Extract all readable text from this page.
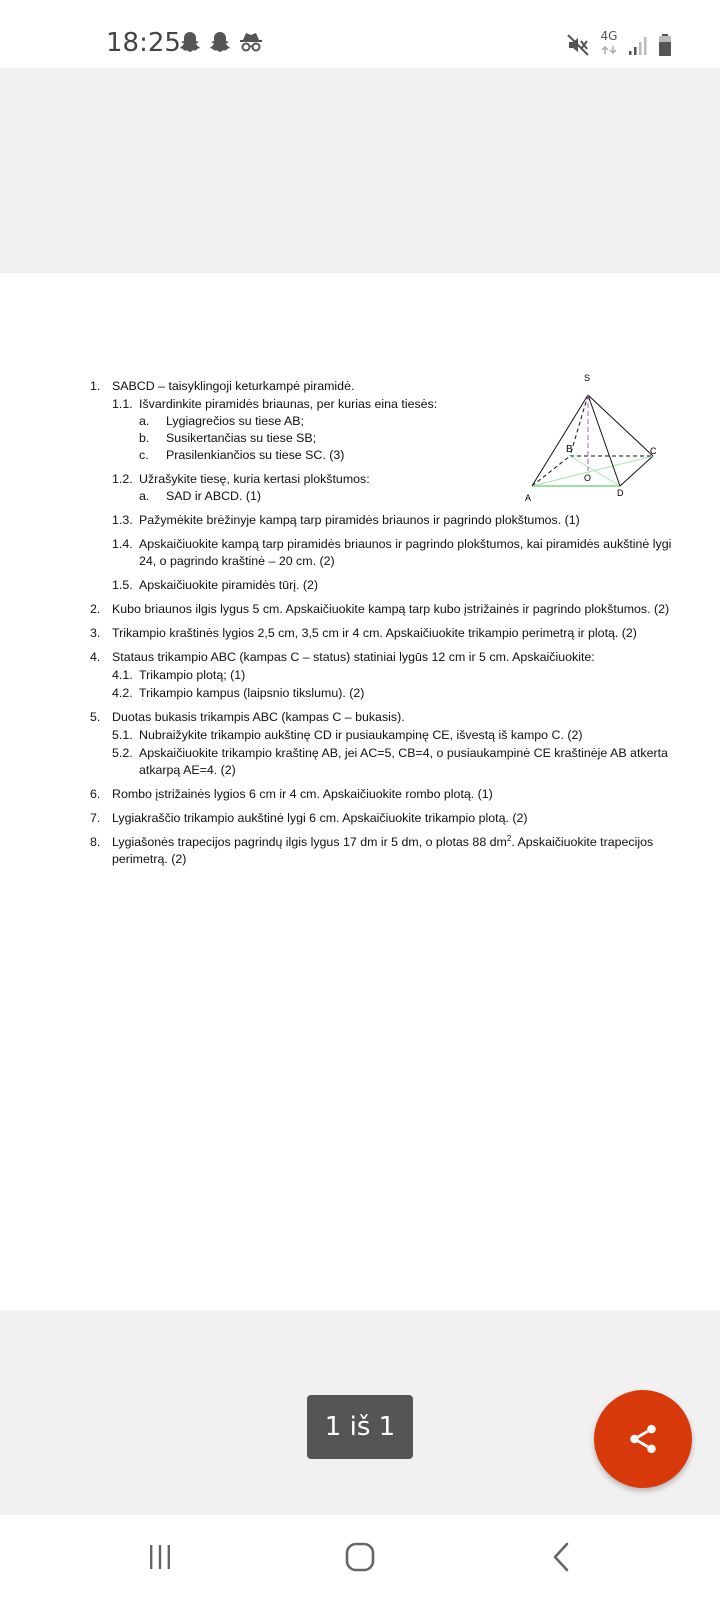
18:25	4G
1. SABCD – taisyklingoji keturkampė piramidė.
1.1. Išvardinkite piramidės briaunas, per kurias eina tiesės:
a. Lygiagrečios su tiese AB;
b. Susikertančias su tiese SB;
c. Prasilenkiančios su tiese SC. (3)
1.2. Užrašykite tiesę, kuria kertasi plokštumos:
a. SAD ir ABCD. (1)
1.3. Pažymėkite brėžinyje kampą tarp piramidės briaunos ir pagrindo plokštumos. (1)
1.4. Apskaičiuokite kampą tarp piramidės briaunos ir pagrindo plokštumos, kai piramidės aukštinė lygi 24, o pagrindo kraštinė – 20 cm. (2)
1.5. Apskaičiuokite piramidės tūrį. (2)
2. Kubo briaunos ilgis lygus 5 cm. Apskaičiuokite kampą tarp kubo įstrižainės ir pagrindo plokštumos. (2)
3. Trikampio kraštinės lygios 2,5 cm, 3,5 cm ir 4 cm. Apskaičiuokite trikampio perimetrą ir plotą. (2)
4. Stataus trikampio ABC (kampas C – status) statiniai lygūs 12 cm ir 5 cm. Apskaičiuokite:
4.1. Trikampio plotą; (1)
4.2. Trikampio kampus (laipsnio tikslumu). (2)
5. Duotas bukasis trikampis ABC (kampas C – bukasis).
5.1. Nubraižykite trikampio aukštinę CD ir pusiaukampinę CE, išvestą iš kampo C. (2)
5.2. Apskaičiuokite trikampio kraštinę AB, jei AC=5, CB=4, o pusiaukampinė CE kraštinėje AB atkerta atkarpą AE=4. (2)
6. Rombo įstrižainės lygios 6 cm ir 4 cm. Apskaičiuokite rombo plotą. (1)
7. Lygiakraščio trikampio aukštinė lygi 6 cm. Apskaičiuokite trikampio plotą. (2)
8. Lygiašonės trapecijos pagrindų ilgis lygus 17 dm ir 5 dm, o plotas 88 $dm^2$. Apskaičiuokite trapecijos perimetrą. (2)
S
A
B	C
D
O
1 iš 1
